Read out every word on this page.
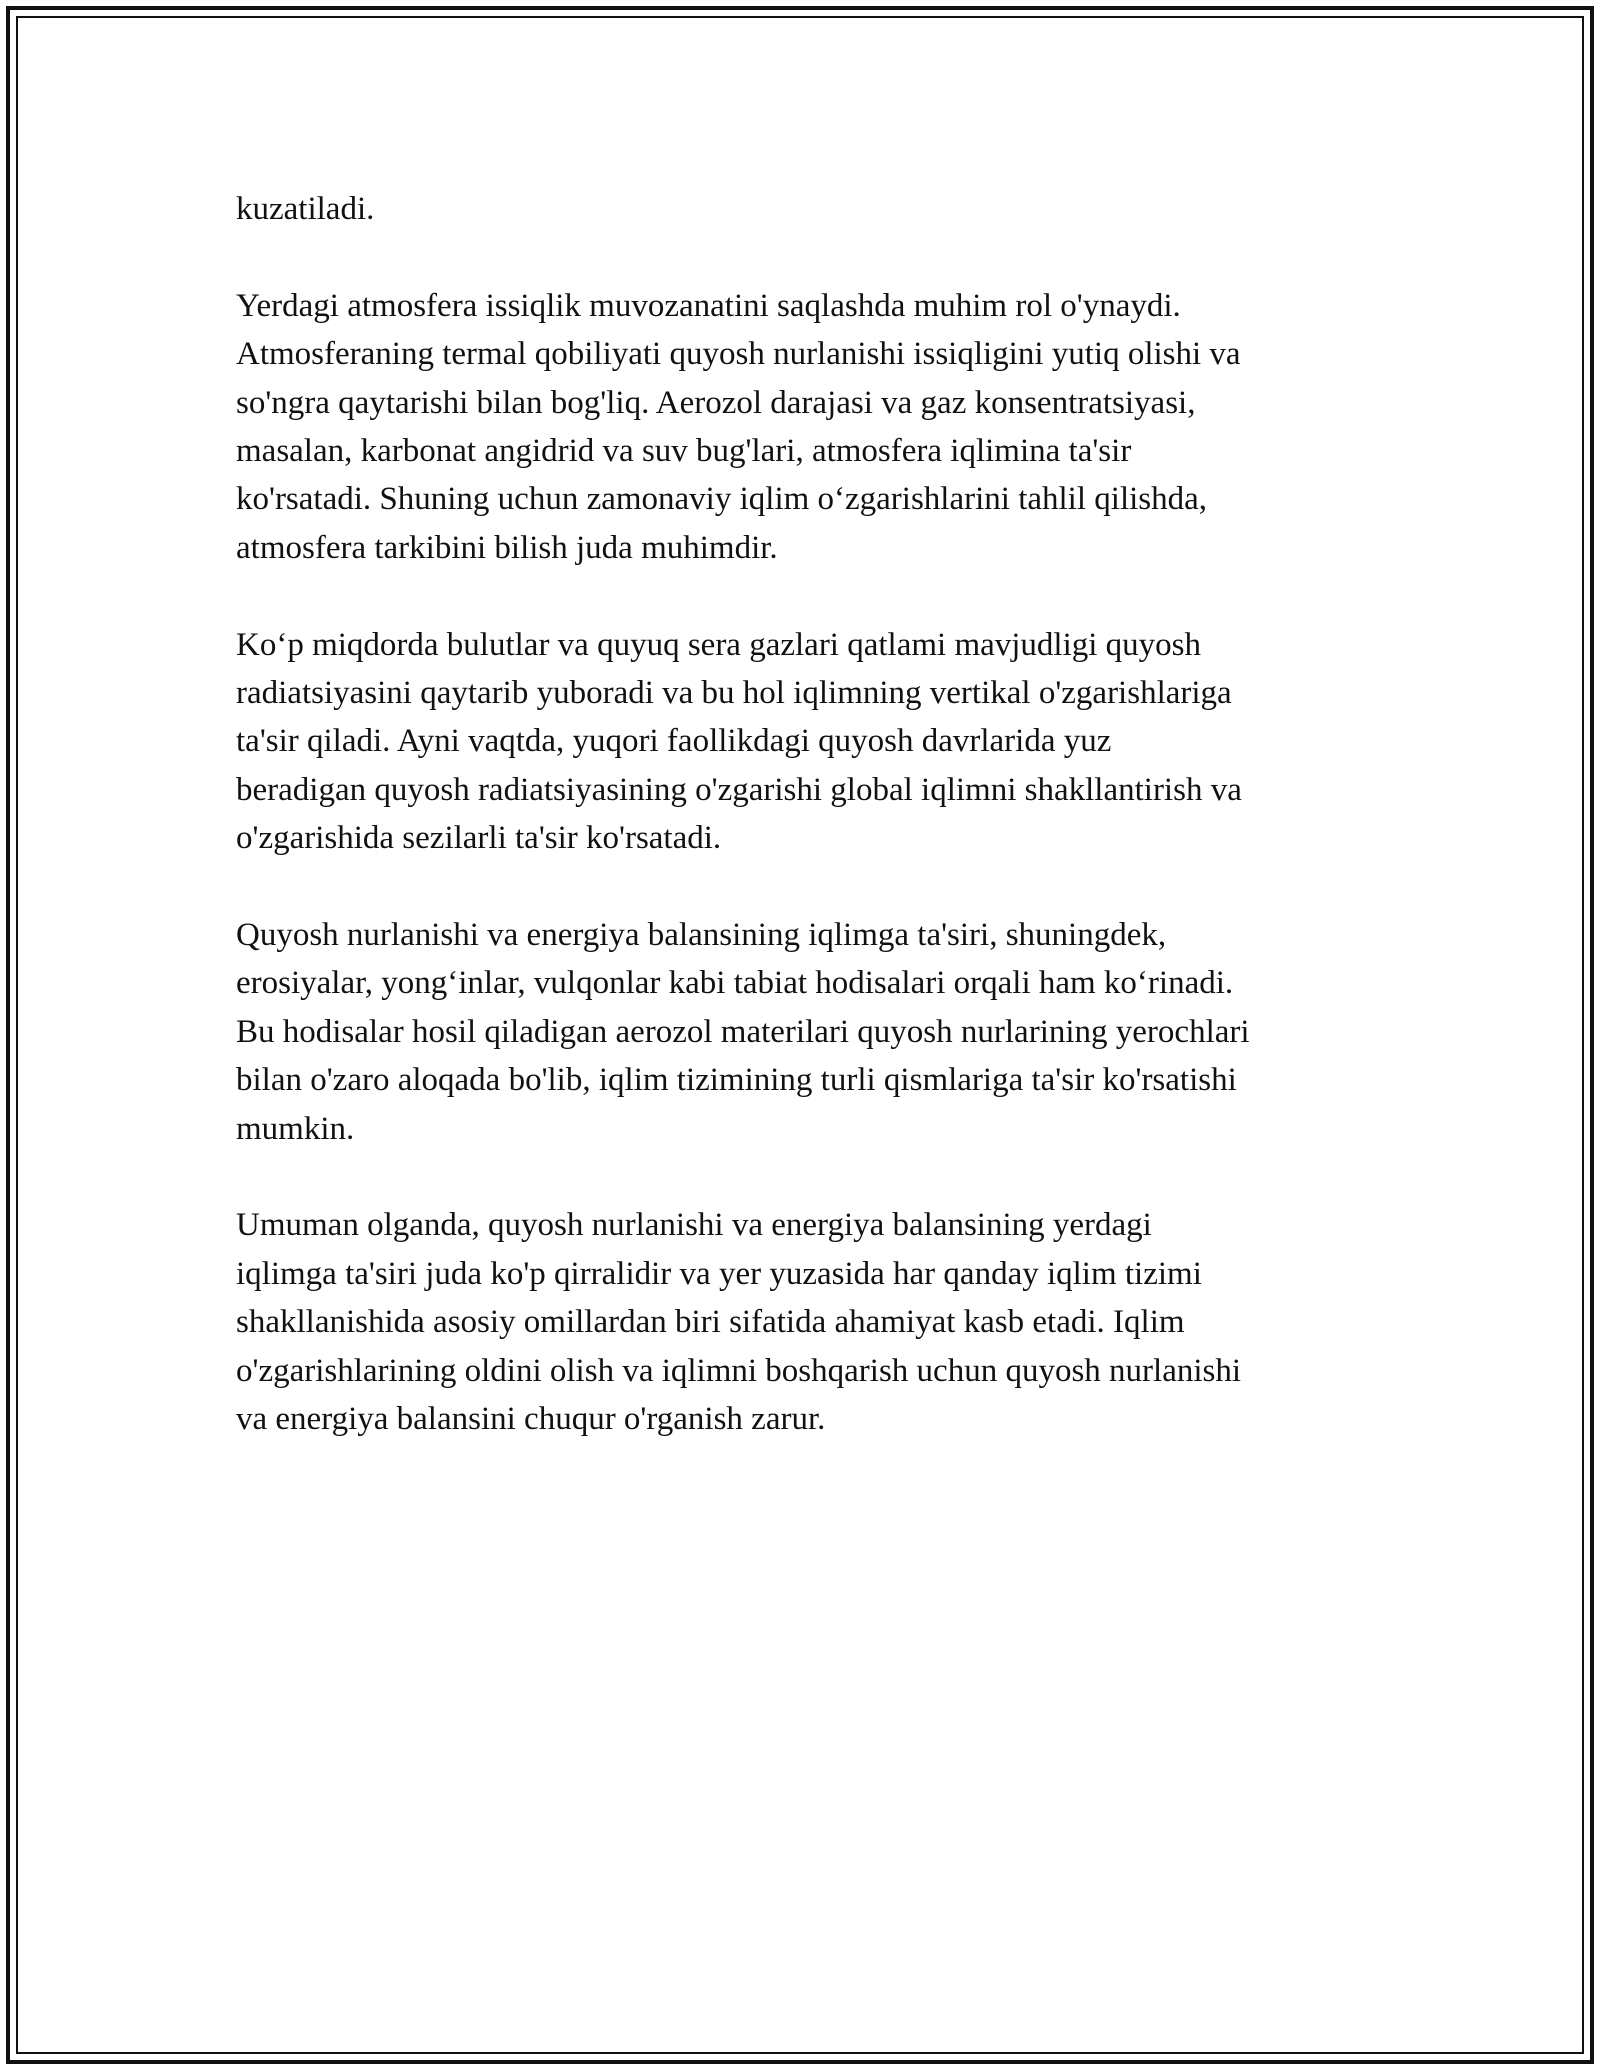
kuzatiladi.

Yerdagi atmosfera issiqlik muvozanatini saqlashda muhim rol o'ynaydi.
Atmosferaning termal qobiliyati quyosh nurlanishi issiqligini yutiq olishi va
so'ngra qaytarishi bilan bog'liq. Aerozol darajasi va gaz konsentratsiyasi,
masalan, karbonat angidrid va suv bug'lari, atmosfera iqlimina ta'sir
ko'rsatadi. Shuning uchun zamonaviy iqlim o‘zgarishlarini tahlil qilishda,
atmosfera tarkibini bilish juda muhimdir.

Ko‘p miqdorda bulutlar va quyuq sera gazlari qatlami mavjudligi quyosh
radiatsiyasini qaytarib yuboradi va bu hol iqlimning vertikal o'zgarishlariga
ta'sir qiladi. Ayni vaqtda, yuqori faollikdagi quyosh davrlarida yuz
beradigan quyosh radiatsiyasining o'zgarishi global iqlimni shakllantirish va
o'zgarishida sezilarli ta'sir ko'rsatadi.

Quyosh nurlanishi va energiya balansining iqlimga ta'siri, shuningdek,
erosiyalar, yong‘inlar, vulqonlar kabi tabiat hodisalari orqali ham ko‘rinadi.
Bu hodisalar hosil qiladigan aerozol materilari quyosh nurlarining yerochlari
bilan o'zaro aloqada bo'lib, iqlim tizimining turli qismlariga ta'sir ko'rsatishi
mumkin.

Umuman olganda, quyosh nurlanishi va energiya balansining yerdagi
iqlimga ta'siri juda ko'p qirralidir va yer yuzasida har qanday iqlim tizimi
shakllanishida asosiy omillardan biri sifatida ahamiyat kasb etadi. Iqlim
o'zgarishlarining oldini olish va iqlimni boshqarish uchun quyosh nurlanishi
va energiya balansini chuqur o'rganish zarur.
